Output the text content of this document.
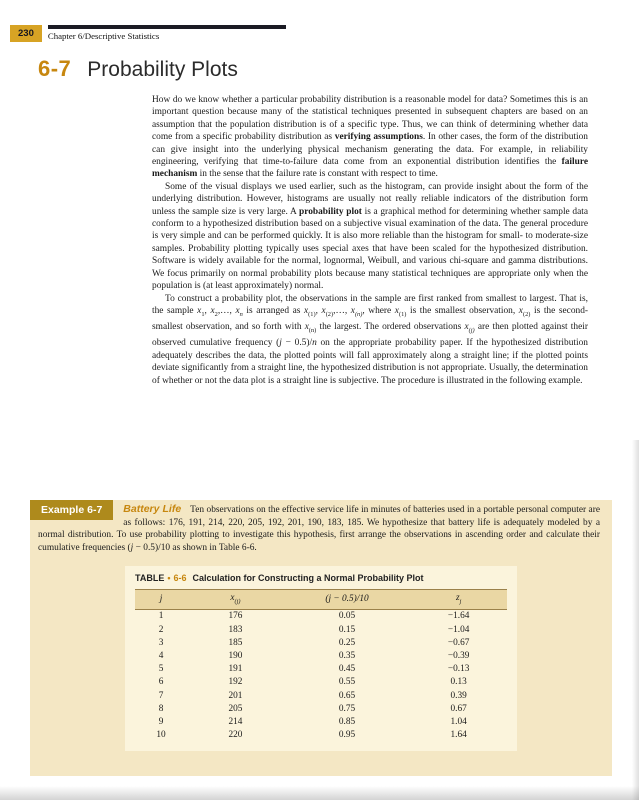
230	Chapter 6/Descriptive Statistics
6-7 Probability Plots

How do we know whether a particular probability distribution is a reasonable model for data? Sometimes this is an important question because many of the statistical techniques presented in subsequent chapters are based on an assumption that the population distribution is of a specific type. Thus, we can think of determining whether data come from a specific probability distribution as verifying assumptions. In other cases, the form of the distribution can give insight into the underlying physical mechanism generating the data. For example, in reliability engineering, verifying that time-to-failure data come from an exponential distribution identifies the failure mechanism in the sense that the failure rate is constant with respect to time.

Some of the visual displays we used earlier, such as the histogram, can provide insight about the form of the underlying distribution. However, histograms are usually not really reliable indicators of the distribution form unless the sample size is very large. A probability plot is a graphical method for determining whether sample data conform to a hypothesized distribution based on a subjective visual examination of the data. The general procedure is very simple and can be performed quickly. It is also more reliable than the histogram for small- to moderate-size samples. Probability plotting typically uses special axes that have been scaled for the hypothesized distribution. Software is widely available for the normal, lognormal, Weibull, and various chi-square and gamma distributions. We focus primarily on normal probability plots because many statistical techniques are appropriate only when the population is (at least approximately) normal.

To construct a probability plot, the observations in the sample are first ranked from smallest to largest. That is, the sample $x_1$, $x_2,\dots$, $x_n$ is arranged as $x_{(1)}$, $x_{(2)},\dots$, $x_{(n)}$, where $x_{(1)}$ is the smallest observation, $x_{(2)}$ is the second-smallest observation, and so forth with $x_{(n)}$ the largest. The ordered observations $x_{(j)}$ are then plotted against their observed cumulative frequency (j − 0.5)/n on the appropriate probability paper. If the hypothesized distribution adequately describes the data, the plotted points will fall approximately along a straight line; if the plotted points deviate significantly from a straight line, the hypothesized distribution is not appropriate. Usually, the determination of whether or not the data plot is a straight line is subjective. The procedure is illustrated in the following example.

Example 6-7	Battery Life Ten observations on the effective service life in minutes of batteries used in a portable personal computer are as follows: 176, 191, 214, 220, 205, 192, 201, 190, 183, 185. We hypothesize that battery life is adequately modeled by a normal distribution. To use probability plotting to investigate this hypothesis, first arrange the observations in ascending order and calculate their cumulative frequencies (j − 0.5)/10 as shown in Table 6-6.

TABLE • 6-6 Calculation for Constructing a Normal Probability Plot
j	$x_{(j)}$	(j − 0.5)/10	$z_j$
1	176	0.05	−1.64
2	183	0.15	−1.04
3	185	0.25	−0.67
4	190	0.35	−0.39
5	191	0.45	−0.13
6	192	0.55	0.13
7	201	0.65	0.39
8	205	0.75	0.67
9	214	0.85	1.04
10	220	0.95	1.64
